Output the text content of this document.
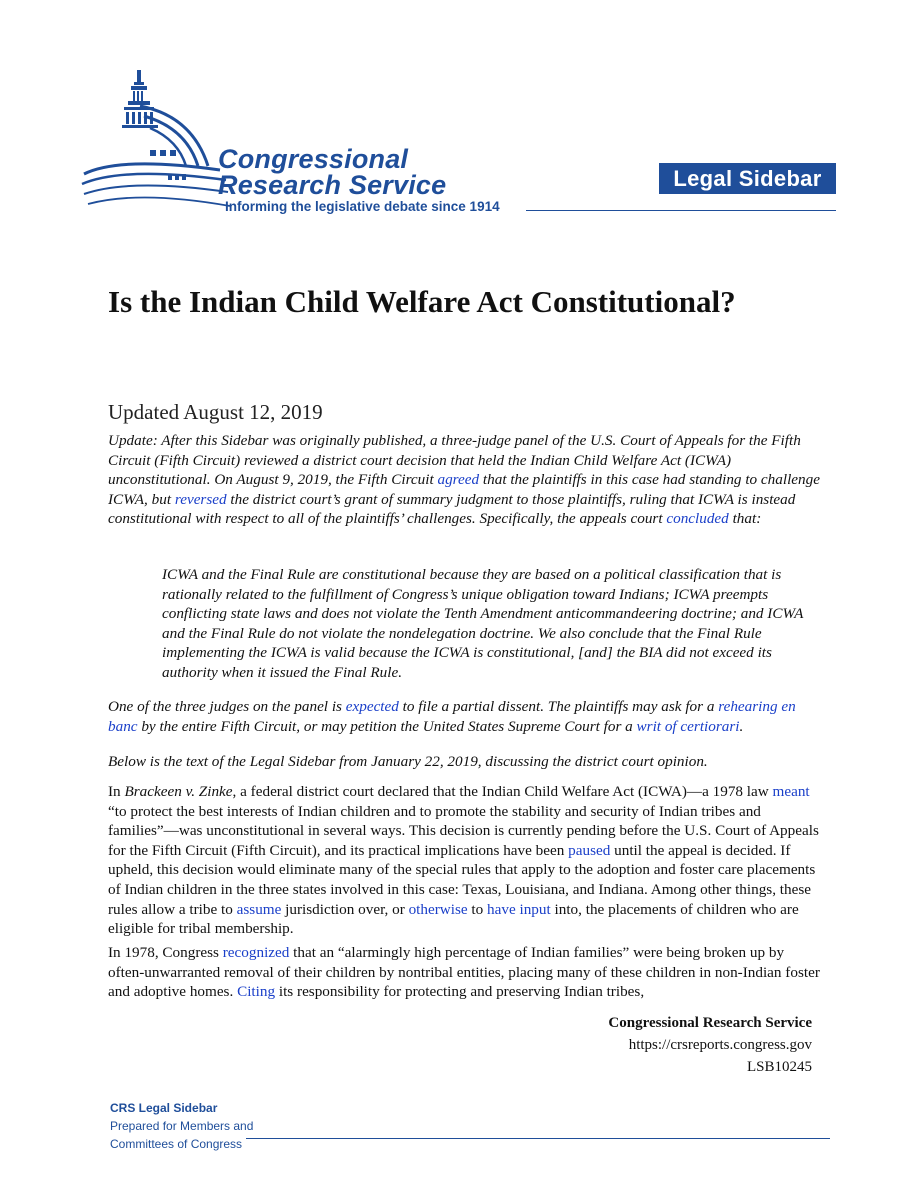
Congressional
Research Service
Informing the legislative debate since 1914
Legal Sidebar
Is the Indian Child Welfare Act Constitutional?
Updated August 12, 2019

Update: After this Sidebar was originally published, a three-judge panel of the U.S. Court of Appeals for the Fifth Circuit (Fifth Circuit) reviewed a district court decision that held the Indian Child Welfare Act (ICWA) unconstitutional. On August 9, 2019, the Fifth Circuit agreed that the plaintiffs in this case had standing to challenge ICWA, but reversed the district court’s grant of summary judgment to those plaintiffs, ruling that ICWA is instead constitutional with respect to all of the plaintiffs’ challenges. Specifically, the appeals court concluded that:

ICWA and the Final Rule are constitutional because they are based on a political classification that is rationally related to the fulfillment of Congress’s unique obligation toward Indians; ICWA preempts conflicting state laws and does not violate the Tenth Amendment anticommandeering doctrine; and ICWA and the Final Rule do not violate the nondelegation doctrine. We also conclude that the Final Rule implementing the ICWA is valid because the ICWA is constitutional, [and] the BIA did not exceed its authority when it issued the Final Rule.

One of the three judges on the panel is expected to file a partial dissent. The plaintiffs may ask for a rehearing en banc by the entire Fifth Circuit, or may petition the United States Supreme Court for a writ of certiorari.

Below is the text of the Legal Sidebar from January 22, 2019, discussing the district court opinion.

In Brackeen v. Zinke, a federal district court declared that the Indian Child Welfare Act (ICWA)—a 1978 law meant “to protect the best interests of Indian children and to promote the stability and security of Indian tribes and families”—was unconstitutional in several ways. This decision is currently pending before the U.S. Court of Appeals for the Fifth Circuit (Fifth Circuit), and its practical implications have been paused until the appeal is decided. If upheld, this decision would eliminate many of the special rules that apply to the adoption and foster care placements of Indian children in the three states involved in this case: Texas, Louisiana, and Indiana. Among other things, these rules allow a tribe to assume jurisdiction over, or otherwise to have input into, the placements of children who are eligible for tribal membership.

In 1978, Congress recognized that an “alarmingly high percentage of Indian families” were being broken up by often-unwarranted removal of their children by nontribal entities, placing many of these children in non-Indian foster and adoptive homes. Citing its responsibility for protecting and preserving Indian tribes,

Congressional Research Service
https://crsreports.congress.gov
LSB10245
CRS Legal Sidebar
Prepared for Members and
Committees of Congress
